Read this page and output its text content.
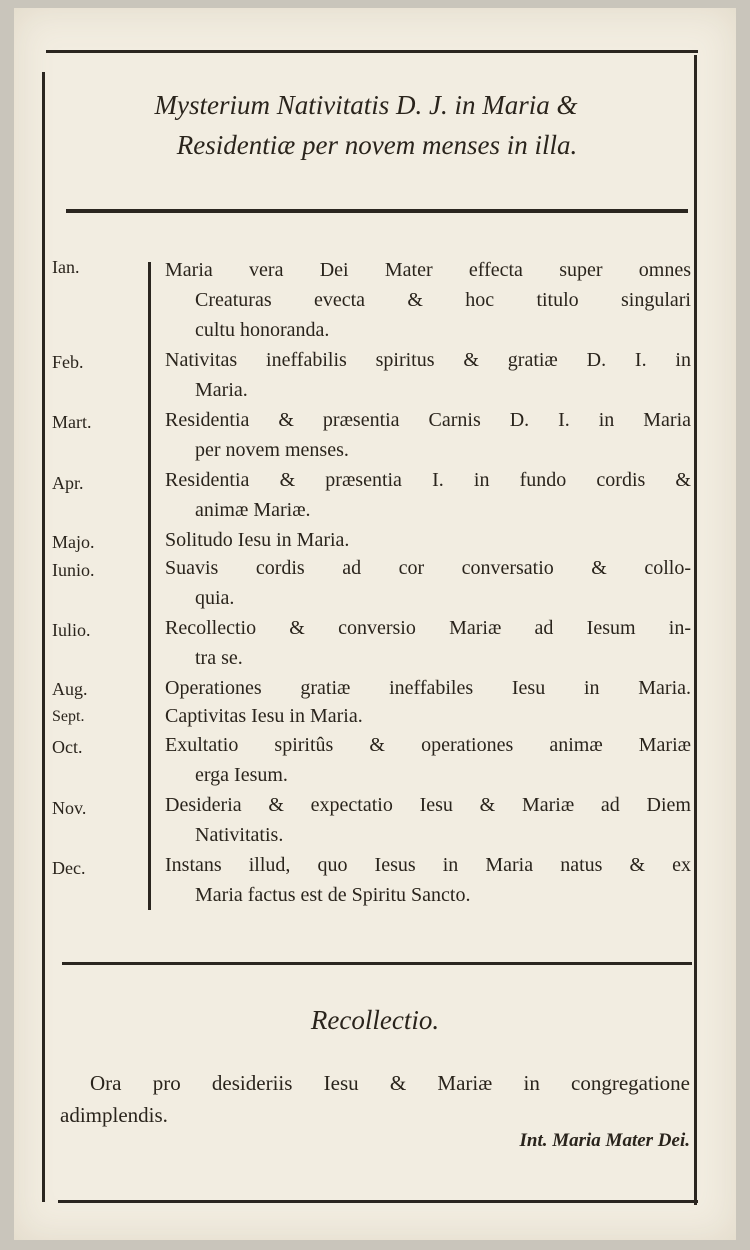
Mysterium Nativitatis D. J. in Maria &
Residentiæ per novem menses in illa.
Ian.
Feb.
Mart.
Apr.
Majo.
Iunio.
Iulio.
Aug.
Sept.
Oct.
Nov.
Dec.
Maria vera Dei Mater effecta super omnes
Creaturas evecta & hoc titulo singulari
cultu honoranda.
Nativitas ineffabilis spiritus & gratiæ D. I. in
Maria.
Residentia & præsentia Carnis D. I. in Maria
per novem menses.
Residentia & præsentia I. in fundo cordis &
animæ Mariæ.
Solitudo Iesu in Maria.
Suavis cordis ad cor conversatio & collo-
quia.
Recollectio & conversio Mariæ ad Iesum in-
tra se.
Operationes gratiæ ineffabiles Iesu in Maria.
Captivitas Iesu in Maria.
Exultatio spiritûs & operationes animæ Mariæ
erga Iesum.
Desideria & expectatio Iesu & Mariæ ad Diem
Nativitatis.
Instans illud, quo Iesus in Maria natus & ex
Maria factus est de Spiritu Sancto.
Recollectio.
Ora pro desideriis Iesu & Mariæ in congregatione
adimplendis.
Int. Maria Mater Dei.
